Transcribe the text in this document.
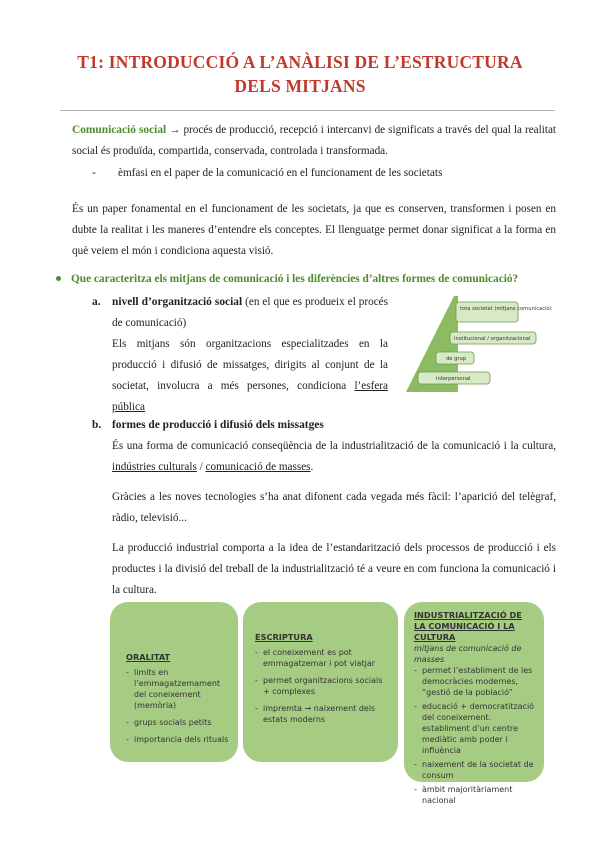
T1: INTRODUCCIÓ A L’ANÀLISI DE L’ESTRUCTURA DELS MITJANS
Comunicació social → procés de producció, recepció i intercanvi de significats a través del qual la realitat social és produïda, compartida, conservada, controlada i transformada.
- èmfasi en el paper de la comunicació en el funcionament de les societats
És un paper fonamental en el funcionament de les societats, ja que es conserven, transformen i posen en dubte la realitat i les maneres d’entendre els conceptes. El llenguatge permet donar significat a la forma en què veiem el món i condiciona aquesta visió.
Que caracteritza els mitjans de comunicació i les diferències d’altres formes de comunicació?
a. nivell d’organització social (en el que es produeix el procés de comunicació)
Els mitjans són organitzacions especialitzades en la producció i difusió de missatges, dirigits al conjunt de la societat, involucra a més persones, condiciona l’esfera pública
tota societat (mitjans comunicació)
institucional / organitzacional
de grup
interpersonal
b. formes de producció i difusió dels missatges
És una forma de comunicació conseqüència de la industrialització de la comunicació i la cultura, indústries culturals / comunicació de masses.
Gràcies a les noves tecnologies s’ha anat difonent cada vegada més fàcil: l’aparició del telègraf, ràdio, televisió...
La producció industrial comporta a la idea de l’estandarització dels processos de producció i els productes i la divisió del treball de la industrialització té a veure en com funciona la comunicació i la cultura.
ORALITAT
- limits en l’emmagatzemament del coneixement (memòria)
- grups socials petits
- importancia dels rituals
ESCRIPTURA
- el coneixement es pot emmagatzemar i pot viatjar
- permet organitzacions socials + complexes
- impremta → naixement dels estats moderns
INDUSTRIALITZACIÓ DE LA COMUNICACIÓ I LA CULTURA
mitjans de comunicació de masses
- permet l’establiment de les democràcies modernes, “gestió de la població”
- educació + democratització del coneixement. establiment d’un centre mediàtic amb poder i influència
- naixement de la societat de consum
- àmbit majoritàriament nacional
